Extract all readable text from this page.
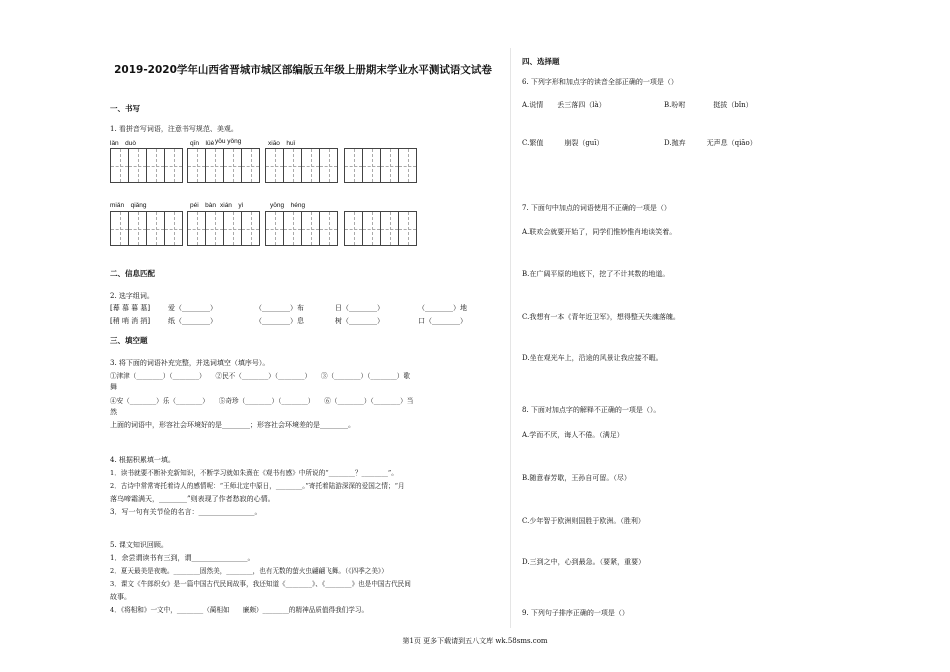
2019-2020学年山西省晋城市城区部编版五年级上册期末学业水平测试语文试卷
一、书写
1. 看拼音写词语，注意书写规范、美观。
lǎn　duò	qīn　lüè yōu yǒng	xiāo　huǐ
miǎn　qiǎng	péi　bàn xián　yì	yōng　héng
二、信息匹配
2. 选字组词。
[幕 慕 暮 墓]	爱（________）	（________）布	日（________）	（________）地
[稍 哨 消 捎]	纸（________）	（________）息	树（________）	口（________）
三、填空题
3. 将下面的词语补充完整，并选词填空（填序号）。
①津津（________）（________）　　②民不（________）（________）　　③（________）（________）歌
舞
④安（________）乐（________）　　⑤奇珍（________）（________）　　⑥（________）（________）当
然
上面的词语中，形容社会环境好的是________；形容社会环境差的是________。
4. 根据积累填一填。
1．读书就要不断补充新知识，不断学习就如朱熹在《观书有感》中所说的“________？________”。
2．古诗中常常寄托着诗人的感情呢：“王师北定中原日，________。”寄托着陆游深深的爱国之情；“月
落乌啼霜满天，________”则表现了作者愁寂的心情。
3．写一句有关节俭的名言：________________。
5. 课文知识回顾。
1．余尝谓读书有三到，谓________________。
2．夏天最美是夜晚。________固然美，________，也有无数的萤火虫翩翩飞舞。（《四季之美》）
3．课文《牛郎织女》是一篇中国古代民间故事，我还知道《________》、《________》也是中国古代民间
故事。
4．《将相和》一文中，________（蔺相如　　廉颇）________的精神品质值得我们学习。
四、选择题
6. 下列字形和加点字的读音全部正确的一项是（）
A.说情　　丢三落四（là）	B.吩咐　　　　挺拔（bǐn）
C.繁值　　　崩裂（guī）	D.抛弃　　　无声息（qiāo）
7. 下面句中加点的词语使用不正确的一项是（）
A.联欢会就要开始了，同学们惟妙惟肖地谈笑着。
B.在广阔平原的地底下，挖了不计其数的地道。
C.我想有一本《青年近卫军》，想得整天失魂落魄。
D.坐在观光车上，沿途的风景让我应接不暇。
8. 下面对加点字的解释不正确的一项是（）。
A.学而不厌，诲人不倦。（满足）
B.随意春芳歇，王孙自可留。（尽）
C.少年智于欧洲则国胜于欧洲。（胜利）
D.三到之中，心到最急。（要紧，重要）
9. 下列句子排序正确的一项是（）
第1页 更多下载请到五八文库 wk.58sms.com
